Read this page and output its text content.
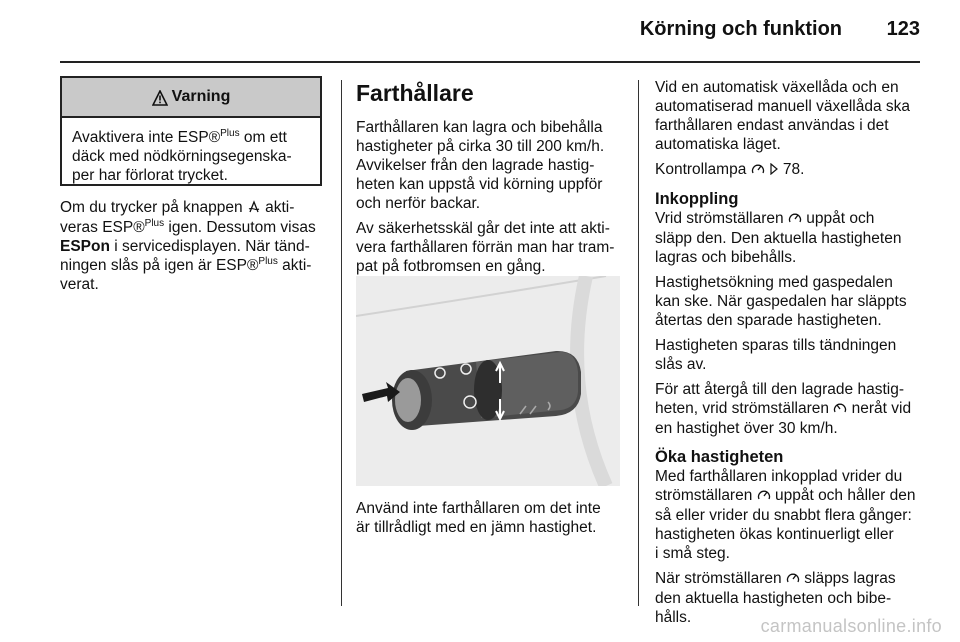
Körning och funktion 123
Varning
Avaktivera inte ESP®$^{Plus}$ om ett
däck med nödkörningsegenska-
per har förlorat trycket.
Om du trycker på knappen akti-
veras ESP®$^{Plus}$ igen. Dessutom visas
ESPon i servicedisplayen. När tänd-
ningen slås på igen är ESP®$^{Plus}$ akti-
verat.
Farthållare

Farthållaren kan lagra och bibehålla
hastigheter på cirka 30 till 200 km/h.
Avvikelser från den lagrade hastig-
heten kan uppstå vid körning uppför
och nerför backar.

Av säkerhetsskäl går det inte att akti-
vera farthållaren förrän man har tram-
pat på fotbromsen en gång.

Använd inte farthållaren om det inte
är tillrådligt med en jämn hastighet.

Vid en automatisk växellåda och en
automatiserad manuell växellåda ska
farthållaren endast användas i det
automatiska läget.

Kontrollampa 78.

Inkoppling

Vrid strömställaren uppåt och
släpp den. Den aktuella hastigheten
lagras och bibehålls.

Hastighetsökning med gaspedalen
kan ske. När gaspedalen har släppts
återtas den sparade hastigheten.

Hastigheten sparas tills tändningen
slås av.

För att återgå till den lagrade hastig-
heten, vrid strömställaren neråt vid
en hastighet över 30 km/h.

Öka hastigheten

Med farthållaren inkopplad vrider du
strömställaren uppåt och håller den
så eller vrider du snabbt flera gånger:
hastigheten ökas kontinuerligt eller
i små steg.

När strömställaren släpps lagras
den aktuella hastigheten och bibe-
hålls.	carmanualsonline.info
